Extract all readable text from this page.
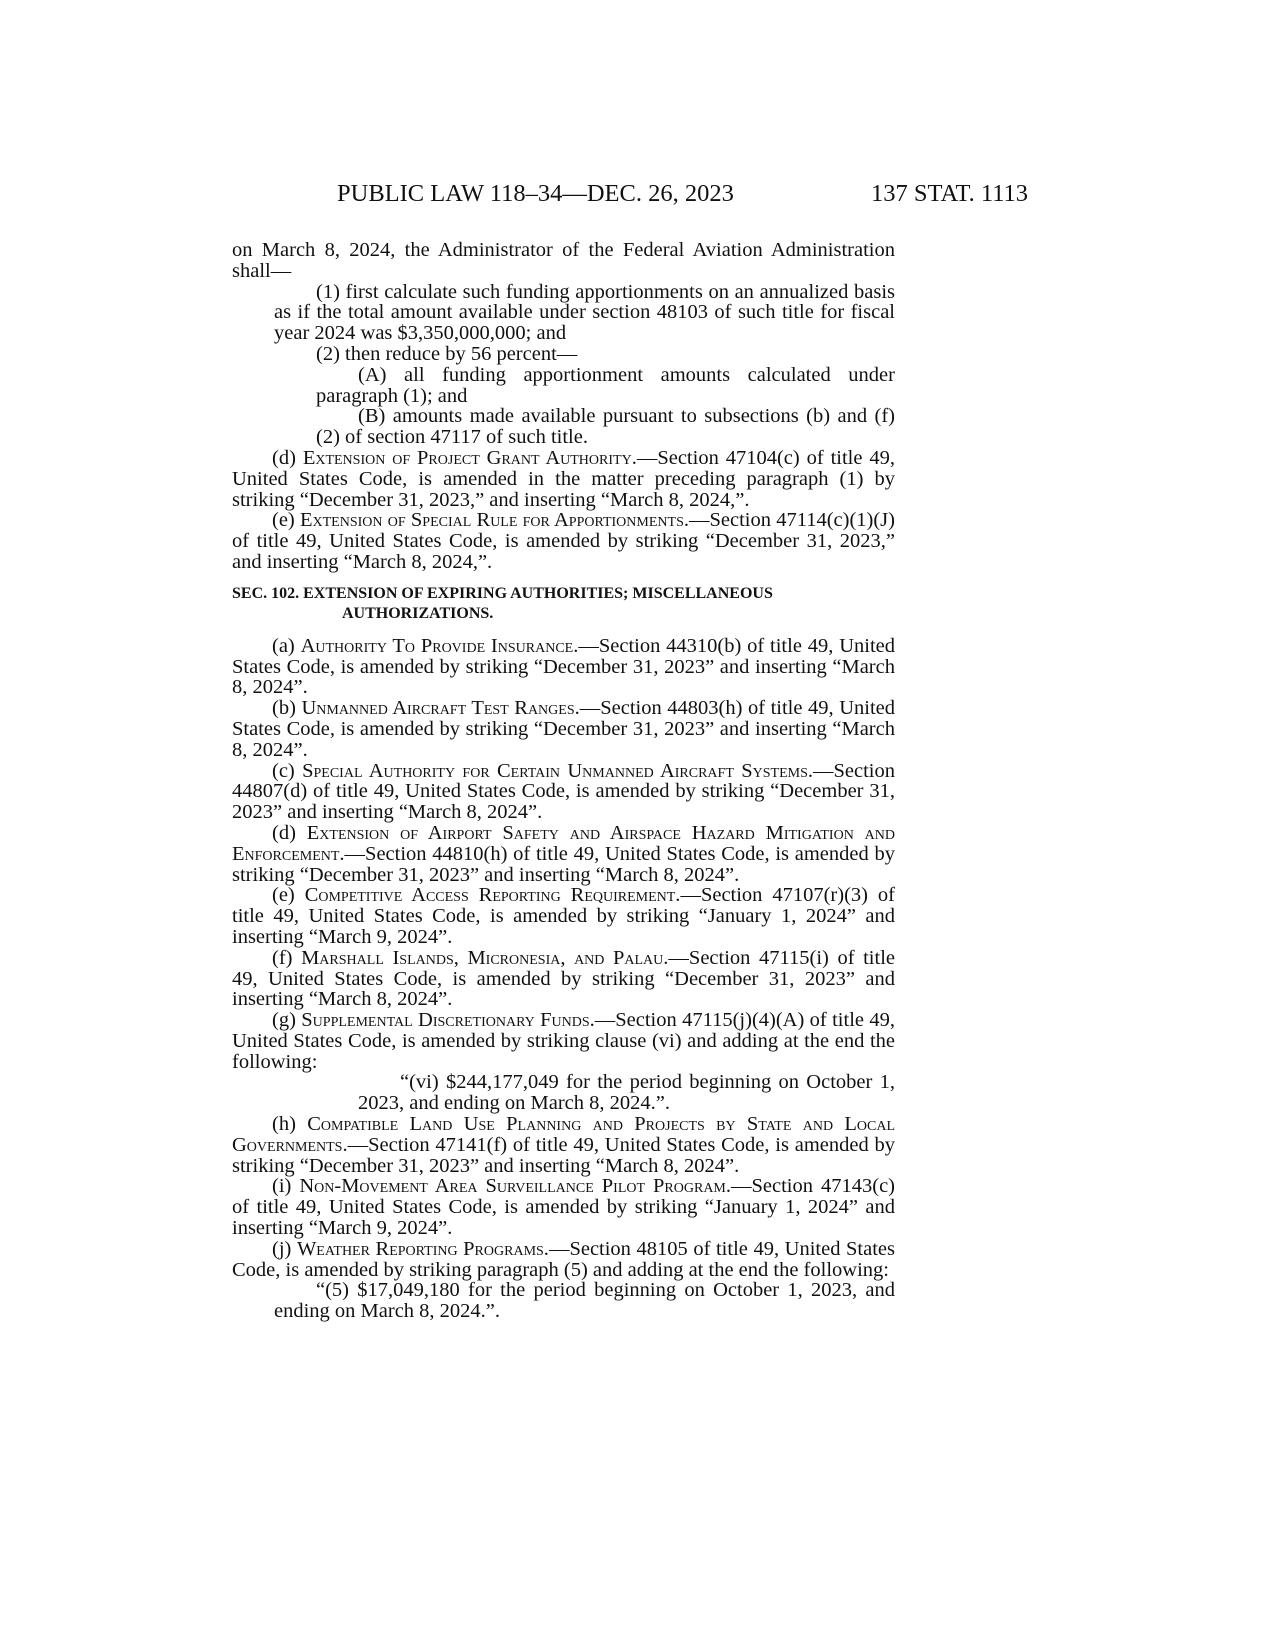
PUBLIC LAW 118–34—DEC. 26, 2023	137 STAT. 1113

on March 8, 2024, the Administrator of the Federal Aviation Administration shall—

(1) first calculate such funding apportionments on an annualized basis as if the total amount available under section 48103 of such title for fiscal year 2024 was $3,350,000,000; and

(2) then reduce by 56 percent—

(A) all funding apportionment amounts calculated under paragraph (1); and

(B) amounts made available pursuant to subsections (b) and (f)(2) of section 47117 of such title.

(d) Extension of Project Grant Authority.—Section 47104(c) of title 49, United States Code, is amended in the matter preceding paragraph (1) by striking “December 31, 2023,” and inserting “March 8, 2024,”.

(e) Extension of Special Rule for Apportionments.—Section 47114(c)(1)(J) of title 49, United States Code, is amended by striking “December 31, 2023,” and inserting “March 8, 2024,”.

SEC. 102. EXTENSION OF EXPIRING AUTHORITIES; MISCELLANEOUS AUTHORIZATIONS.

(a) Authority To Provide Insurance.—Section 44310(b) of title 49, United States Code, is amended by striking “December 31, 2023” and inserting “March 8, 2024”.

(b) Unmanned Aircraft Test Ranges.—Section 44803(h) of title 49, United States Code, is amended by striking “December 31, 2023” and inserting “March 8, 2024”.

(c) Special Authority for Certain Unmanned Aircraft Systems.—Section 44807(d) of title 49, United States Code, is amended by striking “December 31, 2023” and inserting “March 8, 2024”.

(d) Extension of Airport Safety and Airspace Hazard Mitigation and Enforcement.—Section 44810(h) of title 49, United States Code, is amended by striking “December 31, 2023” and inserting “March 8, 2024”.

(e) Competitive Access Reporting Requirement.—Section 47107(r)(3) of title 49, United States Code, is amended by striking “January 1, 2024” and inserting “March 9, 2024”.

(f) Marshall Islands, Micronesia, and Palau.—Section 47115(i) of title 49, United States Code, is amended by striking “December 31, 2023” and inserting “March 8, 2024”.

(g) Supplemental Discretionary Funds.—Section 47115(j)(4)(A) of title 49, United States Code, is amended by striking clause (vi) and adding at the end the following:

“(vi) $244,177,049 for the period beginning on October 1, 2023, and ending on March 8, 2024.”.

(h) Compatible Land Use Planning and Projects by State and Local Governments.—Section 47141(f) of title 49, United States Code, is amended by striking “December 31, 2023” and inserting “March 8, 2024”.

(i) Non-Movement Area Surveillance Pilot Program.—Section 47143(c) of title 49, United States Code, is amended by striking “January 1, 2024” and inserting “March 9, 2024”.

(j) Weather Reporting Programs.—Section 48105 of title 49, United States Code, is amended by striking paragraph (5) and adding at the end the following:

“(5) $17,049,180 for the period beginning on October 1, 2023, and ending on March 8, 2024.”.
